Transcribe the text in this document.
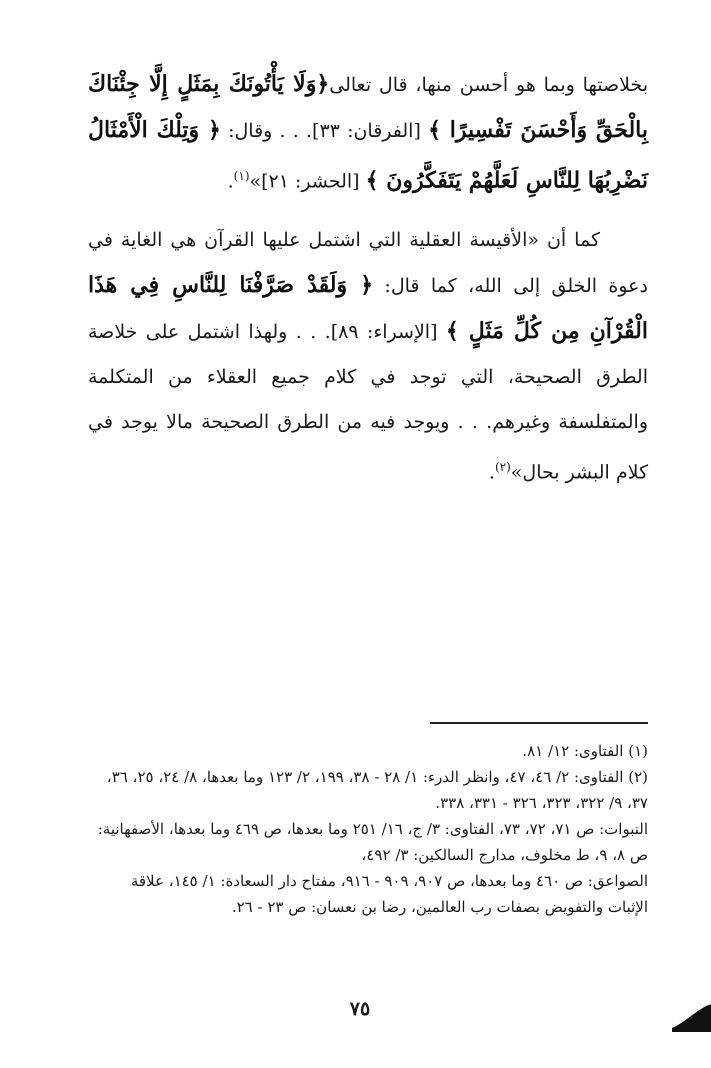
بخلاصتها وبما هو أحسن منها، قال تعالى﴿وَلَا يَأْتُونَكَ بِمَثَلٍ إِلَّا جِئْنَاكَ بِالْحَقِّ وَأَحْسَنَ تَفْسِيرًا ﴾ [الفرقان: ٣٣]. . . وقال: ﴿ وَتِلْكَ الْأَمْثَالُ نَضْرِبُهَا لِلنَّاسِ لَعَلَّهُمْ يَتَفَكَّرُونَ ﴾ [الحشر: ٢١]»$^{(١)}$.

كما أن «الأقيسة العقلية التي اشتمل عليها القرآن هي الغاية في دعوة الخلق إلى الله، كما قال: ﴿ وَلَقَدْ صَرَّفْنَا لِلنَّاسِ فِي هَذَا الْقُرْآنِ مِن كُلِّ مَثَلٍ ﴾ [الإسراء: ٨٩]. . . ولهذا اشتمل على خلاصة الطرق الصحيحة، التي توجد في كلام جميع العقلاء من المتكلمة والمتفلسفة وغيرهم. . . ويوجد فيه من الطرق الصحيحة مالا يوجد في كلام البشر بحال»$^{(٢)}$.

(١) الفتاوى: ١٢/ ٨١.

(٢) الفتاوى: ٢/ ٤٦، ٤٧، وانظر الدرء: ١/ ٢٨ - ٣٨، ١٩٩، ٢/ ١٢٣ وما بعدها، ٨/ ٢٤، ٢٥، ٣٦، ٣٧، ٩/ ٣٢٢، ٣٢٣، ٣٢٦ - ٣٣١، ٣٣٨.

النبوات: ص ٧١، ٧٢، ٧٣، الفتاوى: ٣/ ج، ١٦/ ٢٥١ وما بعدها، ص ٤٦٩ وما بعدها، الأصفهانية: ص ٨، ٩، ط مخلوف، مدارج السالكين: ٣/ ٤٩٢،

الصواعق: ص ٤٦٠ وما بعدها، ص ٩٠٧، ٩٠٩ - ٩١٦، مفتاح دار السعادة: ١/ ١٤٥، علاقة الإثبات والتفويض بصفات رب العالمين، رضا بن نعسان: ص ٢٣ - ٢٦.

٧٥
